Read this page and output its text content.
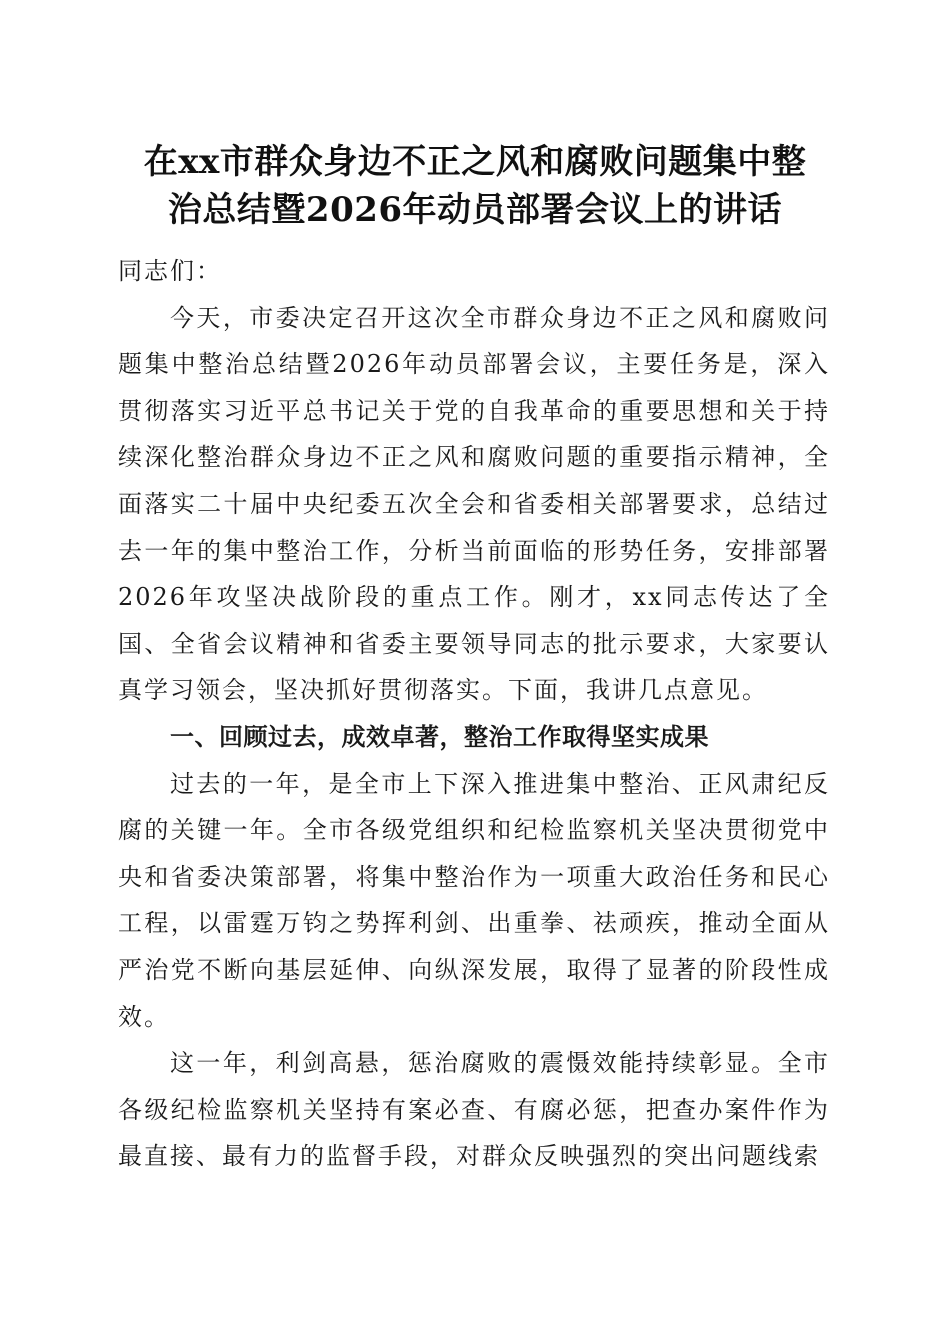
在xx市群众身边不正之风和腐败问题集中整
治总结暨2026年动员部署会议上的讲话

同志们：

今天，市委决定召开这次全市群众身边不正之风和腐败问题集中整治总结暨2026年动员部署会议，主要任务是，深入贯彻落实习近平总书记关于党的自我革命的重要思想和关于持续深化整治群众身边不正之风和腐败问题的重要指示精神，全面落实二十届中央纪委五次全会和省委相关部署要求，总结过去一年的集中整治工作，分析当前面临的形势任务，安排部署2026年攻坚决战阶段的重点工作。刚才，xx同志传达了全国、全省会议精神和省委主要领导同志的批示要求，大家要认真学习领会，坚决抓好贯彻落实。下面，我讲几点意见。

一、回顾过去，成效卓著，整治工作取得坚实成果

过去的一年，是全市上下深入推进集中整治、正风肃纪反腐的关键一年。全市各级党组织和纪检监察机关坚决贯彻党中央和省委决策部署，将集中整治作为一项重大政治任务和民心工程，以雷霆万钧之势挥利剑、出重拳、祛顽疾，推动全面从严治党不断向基层延伸、向纵深发展，取得了显著的阶段性成效。

这一年，利剑高悬，惩治腐败的震慑效能持续彰显。全市各级纪检监察机关坚持有案必查、有腐必惩，把查办案件作为最直接、最有力的监督手段，对群众反映强烈的突出问题线索
